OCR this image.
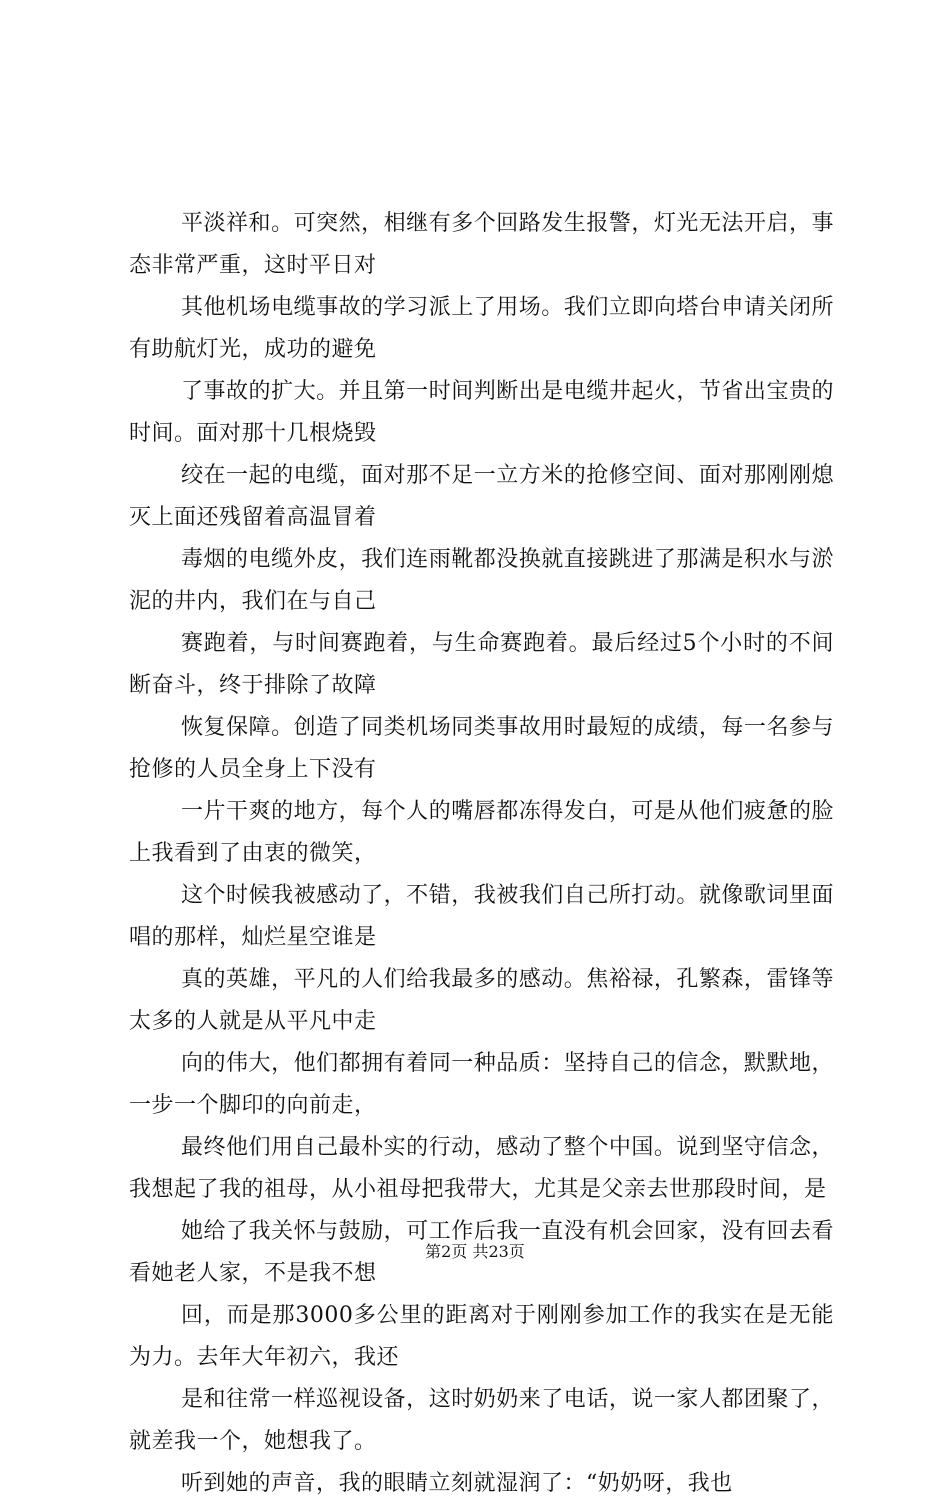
平淡祥和。可突然，相继有多个回路发生报警，灯光无法开启，事态非常严重，这时平日对

其他机场电缆事故的学习派上了用场。我们立即向塔台申请关闭所有助航灯光，成功的避免

了事故的扩大。并且第一时间判断出是电缆井起火，节省出宝贵的时间。面对那十几根烧毁

绞在一起的电缆，面对那不足一立方米的抢修空间、面对那刚刚熄灭上面还残留着高温冒着

毒烟的电缆外皮，我们连雨靴都没换就直接跳进了那满是积水与淤泥的井内，我们在与自己

赛跑着，与时间赛跑着，与生命赛跑着。最后经过5个小时的不间断奋斗，终于排除了故障

恢复保障。创造了同类机场同类事故用时最短的成绩，每一名参与抢修的人员全身上下没有

一片干爽的地方，每个人的嘴唇都冻得发白，可是从他们疲惫的脸上我看到了由衷的微笑，

这个时候我被感动了，不错，我被我们自己所打动。就像歌词里面唱的那样，灿烂星空谁是

真的英雄，平凡的人们给我最多的感动。焦裕禄，孔繁森，雷锋等太多的人就是从平凡中走

向的伟大，他们都拥有着同一种品质：坚持自己的信念，默默地，一步一个脚印的向前走，

最终他们用自己最朴实的行动，感动了整个中国。说到坚守信念，我想起了我的祖母，从小祖母把我带大，尤其是父亲去世那段时间，是

她给了我关怀与鼓励，可工作后我一直没有机会回家，没有回去看看她老人家，不是我不想

回，而是那3000多公里的距离对于刚刚参加工作的我实在是无能为力。去年大年初六，我还

是和往常一样巡视设备，这时奶奶来了电话，说一家人都团聚了，就差我一个，她想我了。

听到她的声音，我的眼睛立刻就湿润了：“奶奶呀，我也

第2页 共23页
